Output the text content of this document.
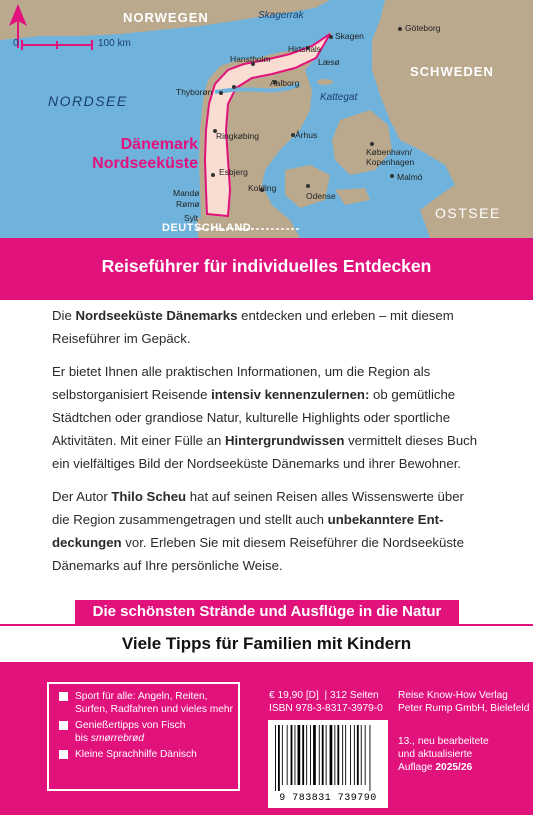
0	100 km
NORWEGEN	Skagerrak
Skagen
Hirtshals
Göteborg
Hanstholm	Læsø
SCHWEDEN
NORDSEE
Thyborøn
Aalborg
Kattegat
Ringkøbing	Århus
København/
Kopenhagen
Malmö
Dänemark
Nordseeküste Esbjerg
Kolding
Odense
Mandø
Rømø
Sylt	OSTSEE
DEUTSCHLAND
Reiseführer für individuelles Entdecken

Die Nordseeküste Dänemarks entdecken und erleben – mit diesem Reiseführer im Gepäck.

Er bietet Ihnen alle praktischen Informationen, um die Region als selbstorganisiert Reisende intensiv kennenzulernen: ob gemütliche Städtchen oder grandiose Natur, kulturelle Highlights oder sportliche Aktivitäten. Mit einer Fülle an Hintergrundwissen vermittelt dieses Buch ein vielfältiges Bild der Nordseeküste Dänemarks und ihrer Bewohner.

Der Autor Thilo Scheu hat auf seinen Reisen alles Wissenswerte über die Region zusammengetragen und stellt auch unbekanntere Ent-
deckungen vor. Erleben Sie mit diesem Reiseführer die Nordseeküste Dänemarks auf Ihre persönliche Weise.

Die schönsten Strände und Ausflüge in die Natur
Viele Tipps für Familien mit Kindern
Sport für alle: Angeln, Reiten,
Surfen, Radfahren und vieles mehr
Genießertipps von Fisch
bis smørrebrød
Kleine Sprachhilfe Dänisch
€ 19,90 [D] | 312 Seiten
ISBN 978-3-8317-3979-0
Reise Know-How Verlag
Peter Rump GmbH, Bielefeld
13., neu bearbeitete
und aktualisierte
Auflage 2025/26
9 783831 739790
